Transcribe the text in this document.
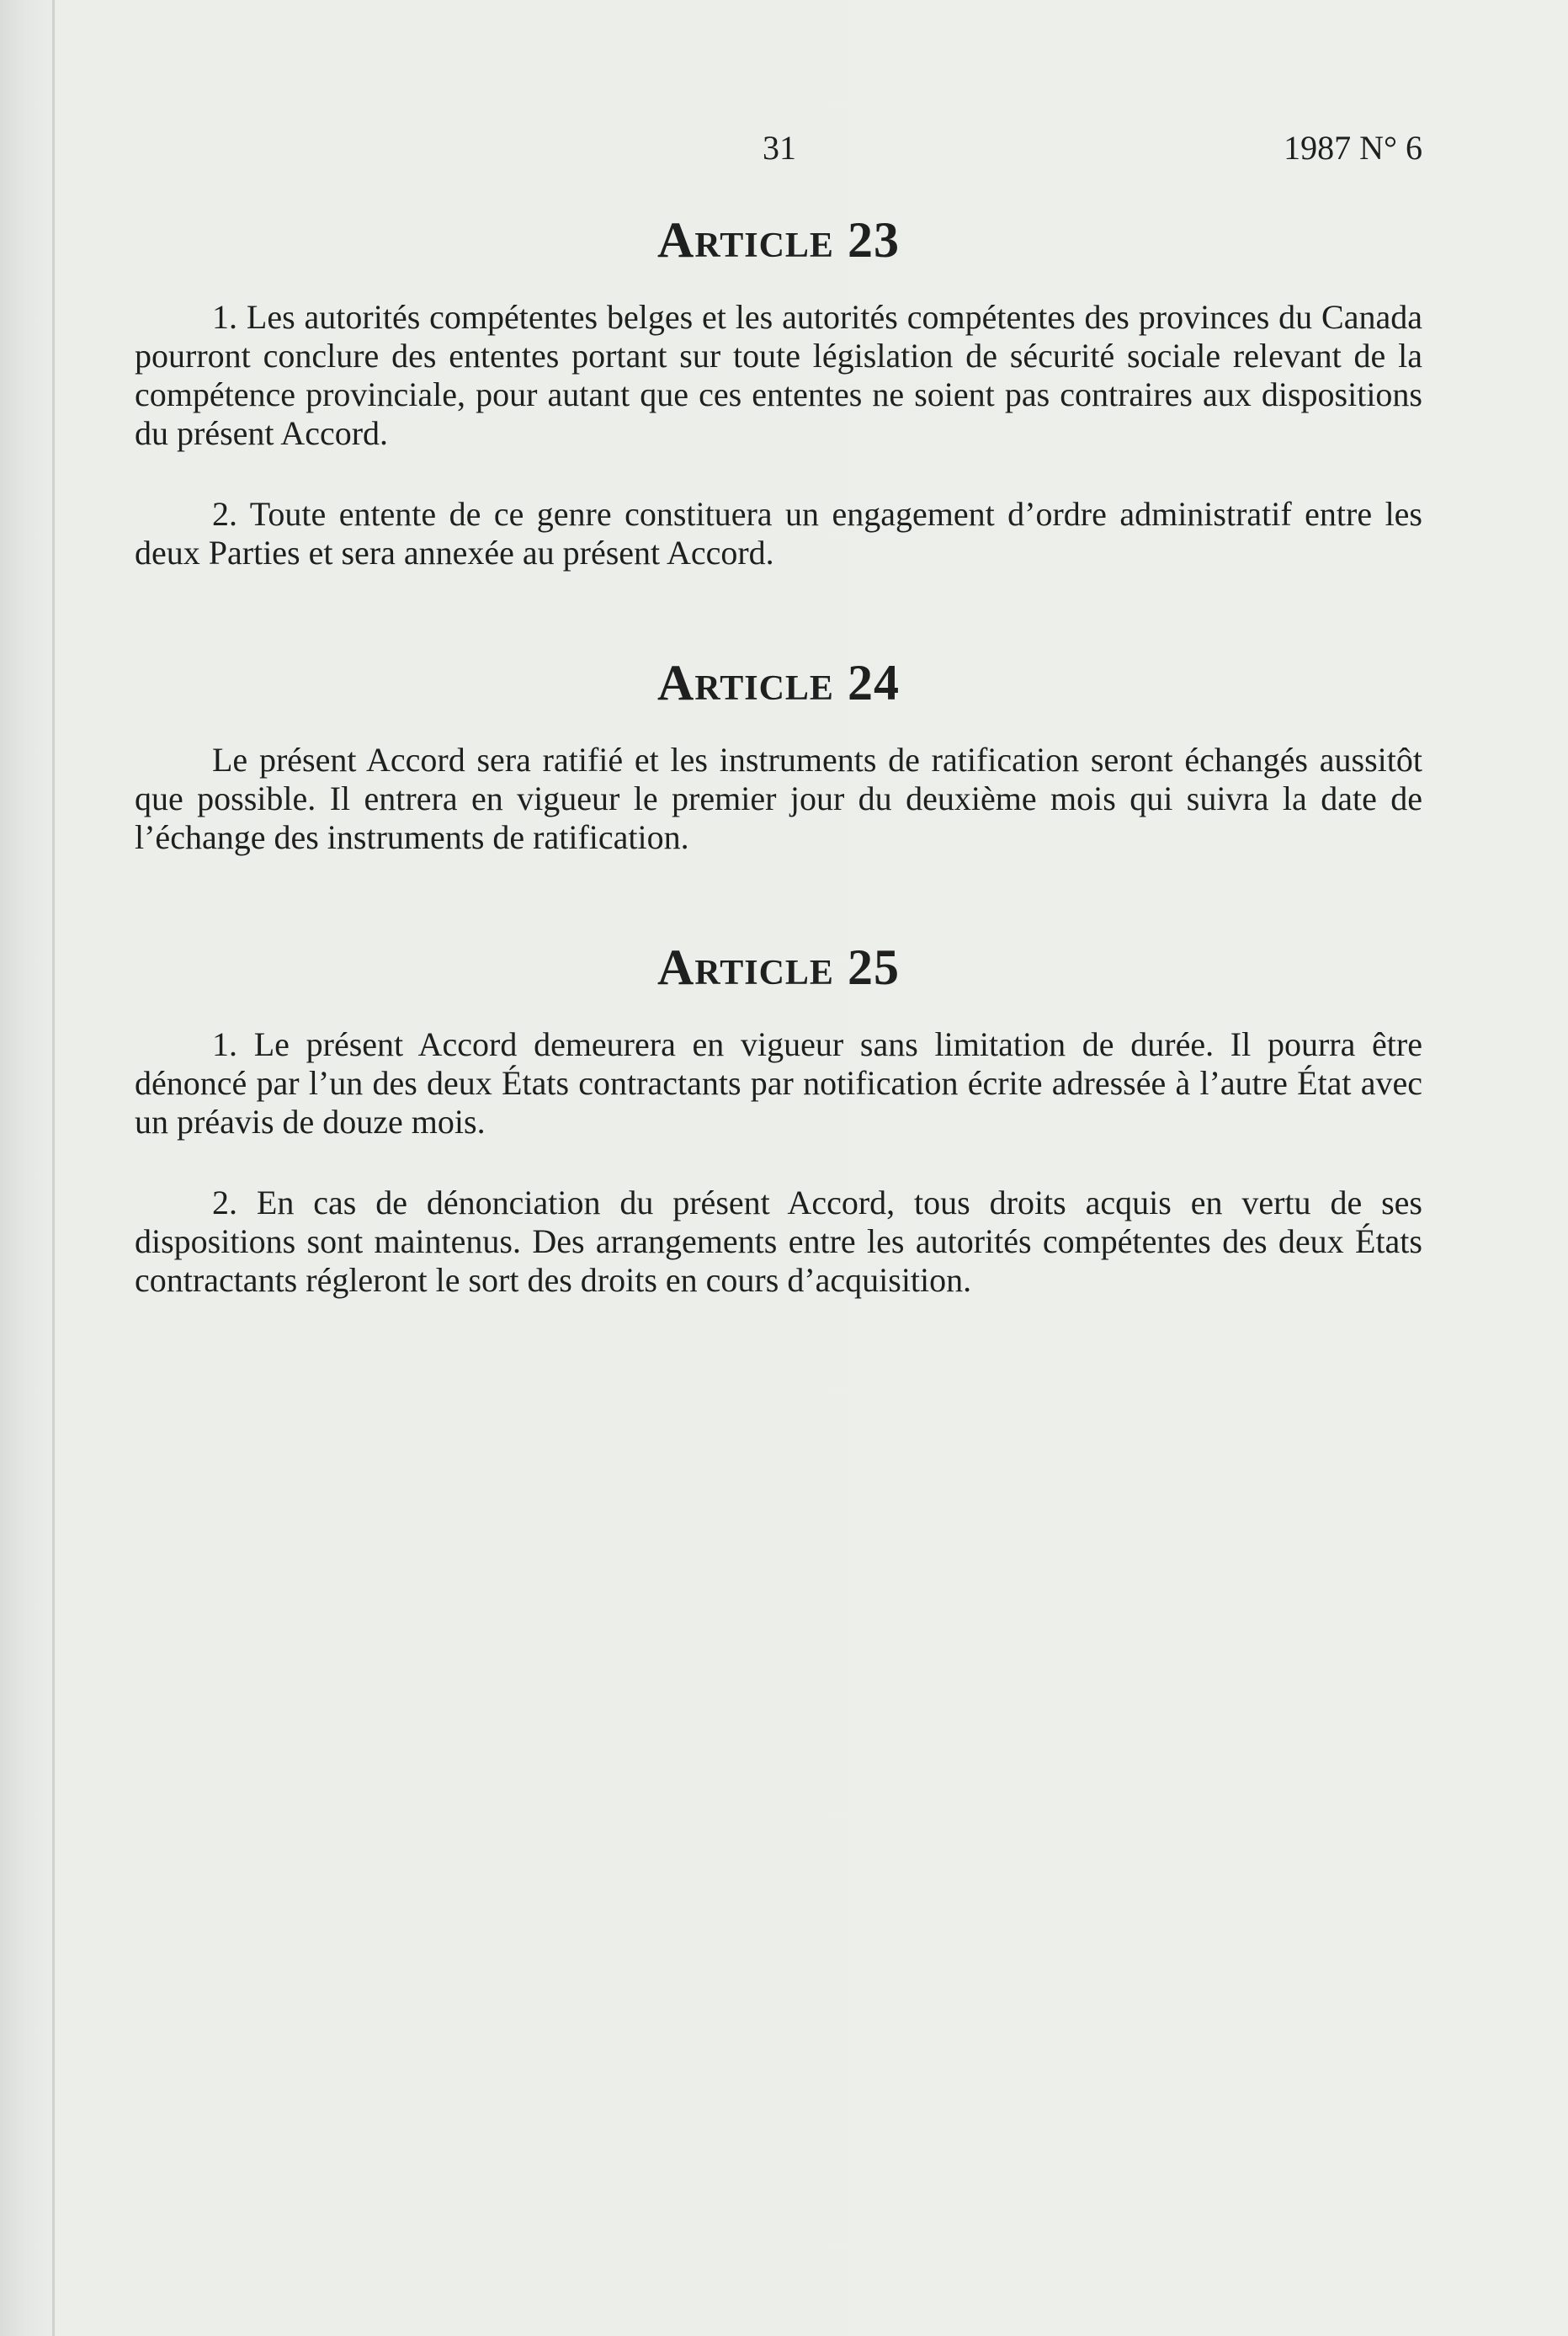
31	1987 N° 6
Article 23

1. Les autorités compétentes belges et les autorités compétentes des provinces du Canada pourront conclure des ententes portant sur toute législation de sécurité sociale relevant de la compétence provinciale, pour autant que ces ententes ne soient pas contraires aux dispositions du présent Accord.

2. Toute entente de ce genre constituera un engagement d’ordre administratif entre les deux Parties et sera annexée au présent Accord.

Article 24

Le présent Accord sera ratifié et les instruments de ratification seront échangés aussitôt que possible. Il entrera en vigueur le premier jour du deuxième mois qui suivra la date de l’échange des instruments de ratification.

Article 25

1. Le présent Accord demeurera en vigueur sans limitation de durée. Il pourra être dénoncé par l’un des deux États contractants par notification écrite adressée à l’autre État avec un préavis de douze mois.

2. En cas de dénonciation du présent Accord, tous droits acquis en vertu de ses dispositions sont maintenus. Des arrangements entre les autorités compétentes des deux États contractants régleront le sort des droits en cours d’acquisition.
